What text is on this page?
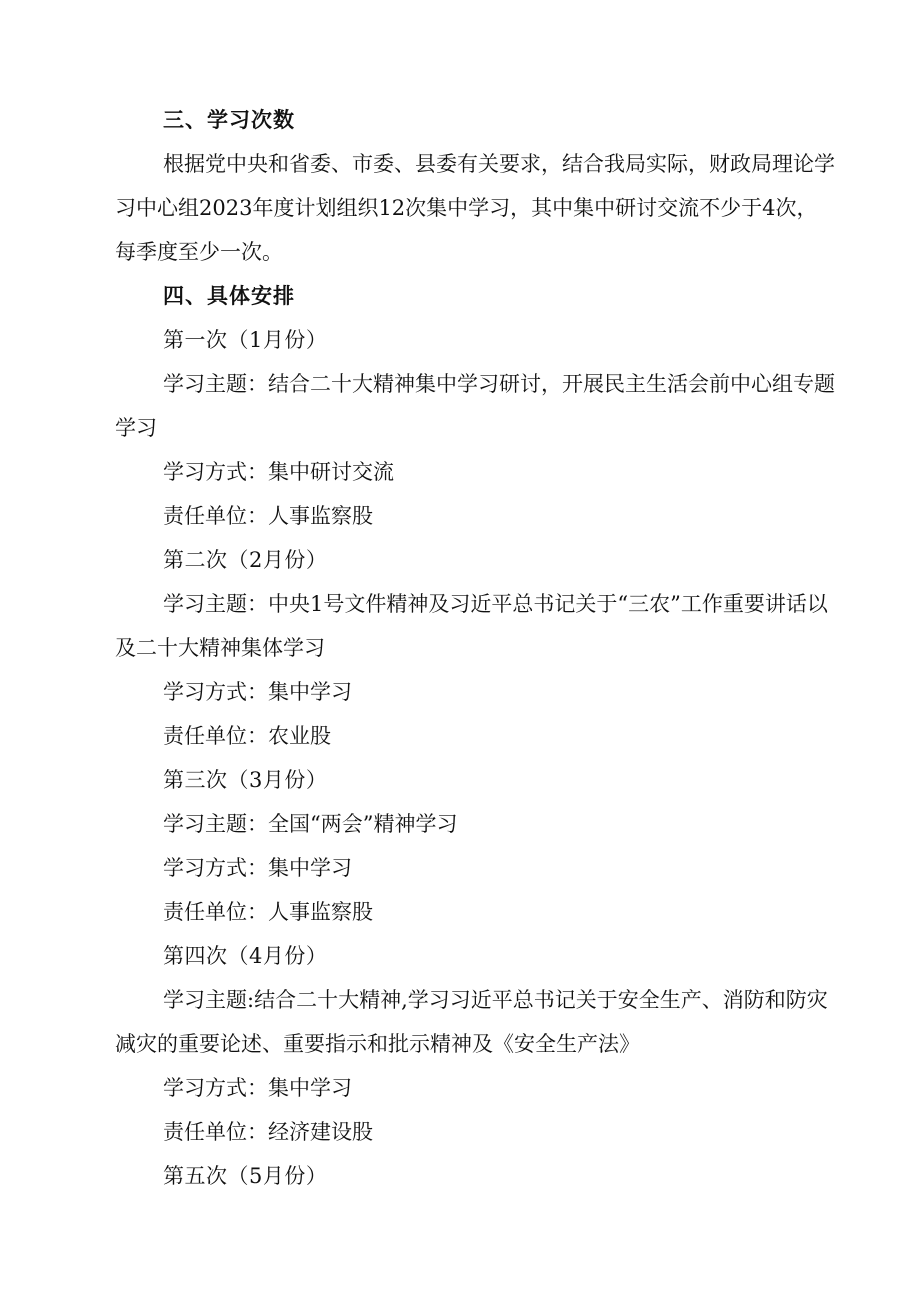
三、学习次数

根据党中央和省委、市委、县委有关要求，结合我局实际，财政局理论学习中心组2023年度计划组织12次集中学习，其中集中研讨交流不少于4次，每季度至少一次。

四、具体安排

第一次（1月份）

学习主题：结合二十大精神集中学习研讨，开展民主生活会前中心组专题学习

学习方式：集中研讨交流

责任单位：人事监察股

第二次（2月份）

学习主题：中央1号文件精神及习近平总书记关于“三农”工作重要讲话以及二十大精神集体学习

学习方式：集中学习

责任单位：农业股

第三次（3月份）

学习主题：全国“两会”精神学习

学习方式：集中学习

责任单位：人事监察股

第四次（4月份）

学习主题:结合二十大精神,学习习近平总书记关于安全生产、消防和防灾减灾的重要论述、重要指示和批示精神及《安全生产法》

学习方式：集中学习

责任单位：经济建设股

第五次（5月份）
